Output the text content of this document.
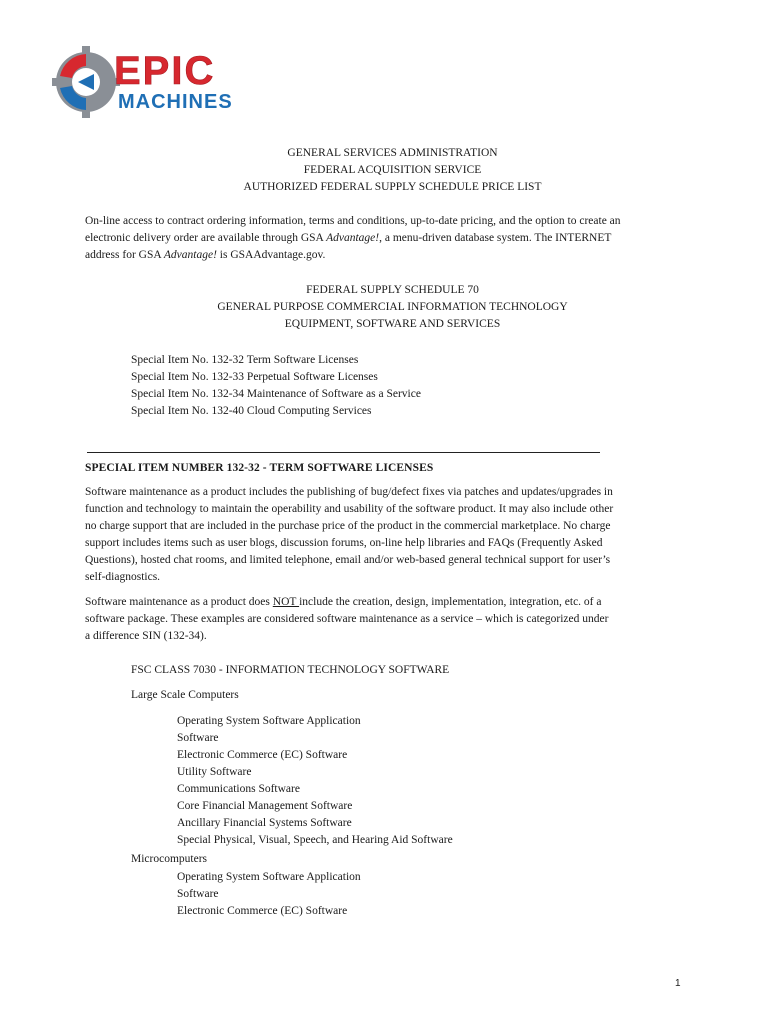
EPIC
MACHINES
GENERAL SERVICES ADMINISTRATION
FEDERAL ACQUISITION SERVICE
AUTHORIZED FEDERAL SUPPLY SCHEDULE PRICE LIST
On-line access to contract ordering information, terms and conditions, up-to-date pricing, and the option to create an
electronic delivery order are available through GSA Advantage!, a menu-driven database system. The INTERNET
address for GSA Advantage! is GSAAdvantage.gov.
FEDERAL SUPPLY SCHEDULE 70
GENERAL PURPOSE COMMERCIAL INFORMATION TECHNOLOGY
EQUIPMENT, SOFTWARE AND SERVICES
Special Item No. 132-32 Term Software Licenses
Special Item No. 132-33 Perpetual Software Licenses
Special Item No. 132-34 Maintenance of Software as a Service
Special Item No. 132-40 Cloud Computing Services
SPECIAL ITEM NUMBER 132-32 - TERM SOFTWARE LICENSES
Software maintenance as a product includes the publishing of bug/defect fixes via patches and updates/upgrades in
function and technology to maintain the operability and usability of the software product. It may also include other
no charge support that are included in the purchase price of the product in the commercial marketplace. No charge
support includes items such as user blogs, discussion forums, on-line help libraries and FAQs (Frequently Asked
Questions), hosted chat rooms, and limited telephone, email and/or web-based general technical support for user’s
self-diagnostics.
Software maintenance as a product does NOT include the creation, design, implementation, integration, etc. of a
software package. These examples are considered software maintenance as a service – which is categorized under
a difference SIN (132-34).
FSC CLASS 7030 - INFORMATION TECHNOLOGY SOFTWARE
Large Scale Computers
Operating System Software Application
Software
Electronic Commerce (EC) Software
Utility Software
Communications Software
Core Financial Management Software
Ancillary Financial Systems Software
Special Physical, Visual, Speech, and Hearing Aid Software
Microcomputers
Operating System Software Application
Software
Electronic Commerce (EC) Software
1
